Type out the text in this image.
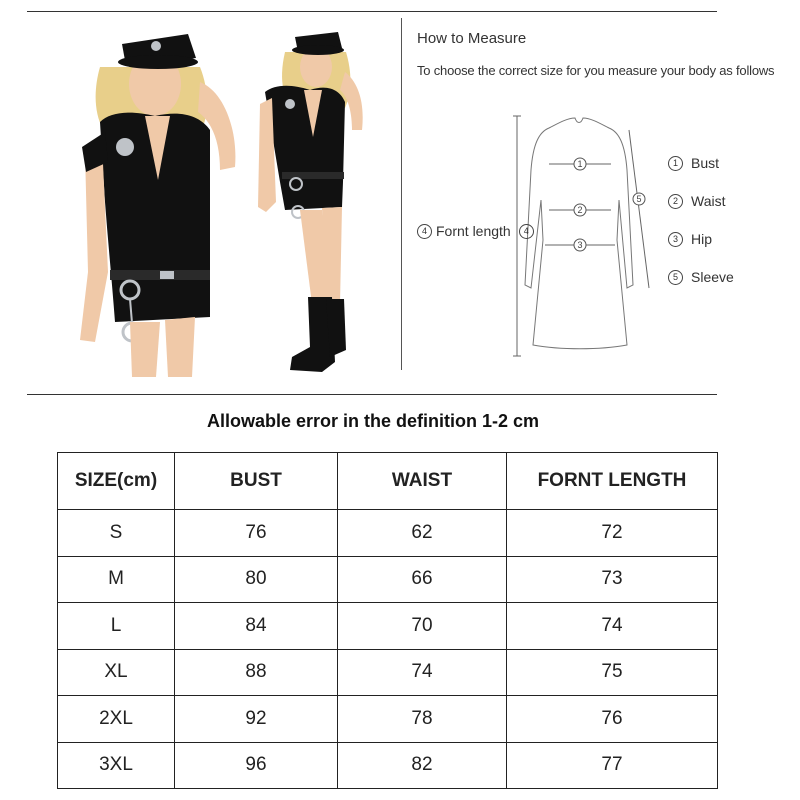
How to Measure
To choose the correct size for you measure your body as follows
1
2
3
5
4 Fornt length	4
1 Bust
2 Waist
3 Hip
5 Sleeve
Allowable error in the definition 1-2 cm
SIZE(cm)	BUST	WAIST	FORNT LENGTH
S	76	62	72
M	80	66	73
L	84	70	74
XL	88	74	75
2XL	92	78	76
3XL	96	82	77
